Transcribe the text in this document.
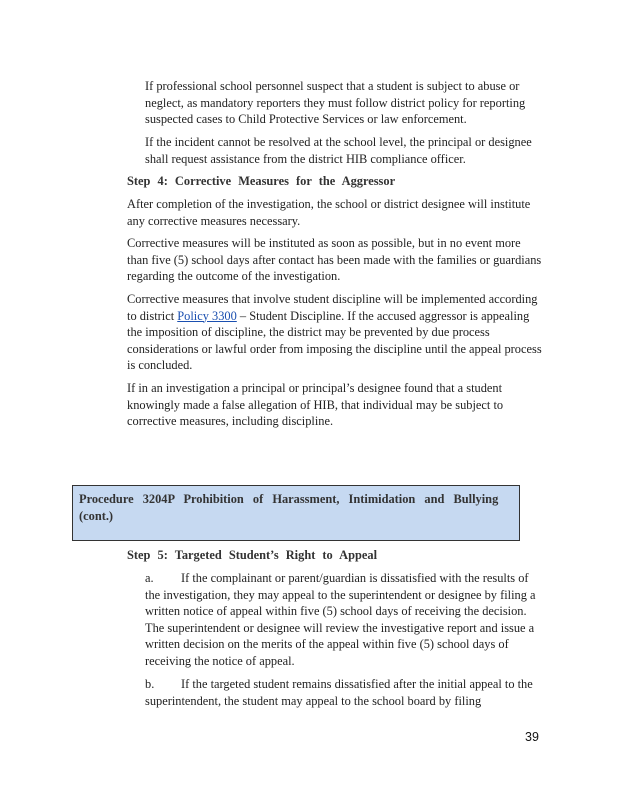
If professional school personnel suspect that a student is subject to abuse or neglect, as mandatory reporters they must follow district policy for reporting suspected cases to Child Protective Services or law enforcement.

If the incident cannot be resolved at the school level, the principal or designee shall request assistance from the district HIB compliance officer.

Step 4: Corrective Measures for the Aggressor

After completion of the investigation, the school or district designee will institute any corrective measures necessary.

Corrective measures will be instituted as soon as possible, but in no event more than five (5) school days after contact has been made with the families or guardians regarding the outcome of the investigation.

Corrective measures that involve student discipline will be implemented according to district Policy 3300 – Student Discipline. If the accused aggressor is appealing the imposition of discipline, the district may be prevented by due process considerations or lawful order from imposing the discipline until the appeal process is concluded.

If in an investigation a principal or principal’s designee found that a student knowingly made a false allegation of HIB, that individual may be subject to corrective measures, including discipline.

Procedure 3204P Prohibition of Harassment, Intimidation and Bullying (cont.)
Step 5: Targeted Student’s Right to Appeal

a. If the complainant or parent/guardian is dissatisfied with the results of the investigation, they may appeal to the superintendent or designee by filing a written notice of appeal within five (5) school days of receiving the decision. The superintendent or designee will review the investigative report and issue a written decision on the merits of the appeal within five (5) school days of receiving the notice of appeal.

b. If the targeted student remains dissatisfied after the initial appeal to the superintendent, the student may appeal to the school board by filing

39
